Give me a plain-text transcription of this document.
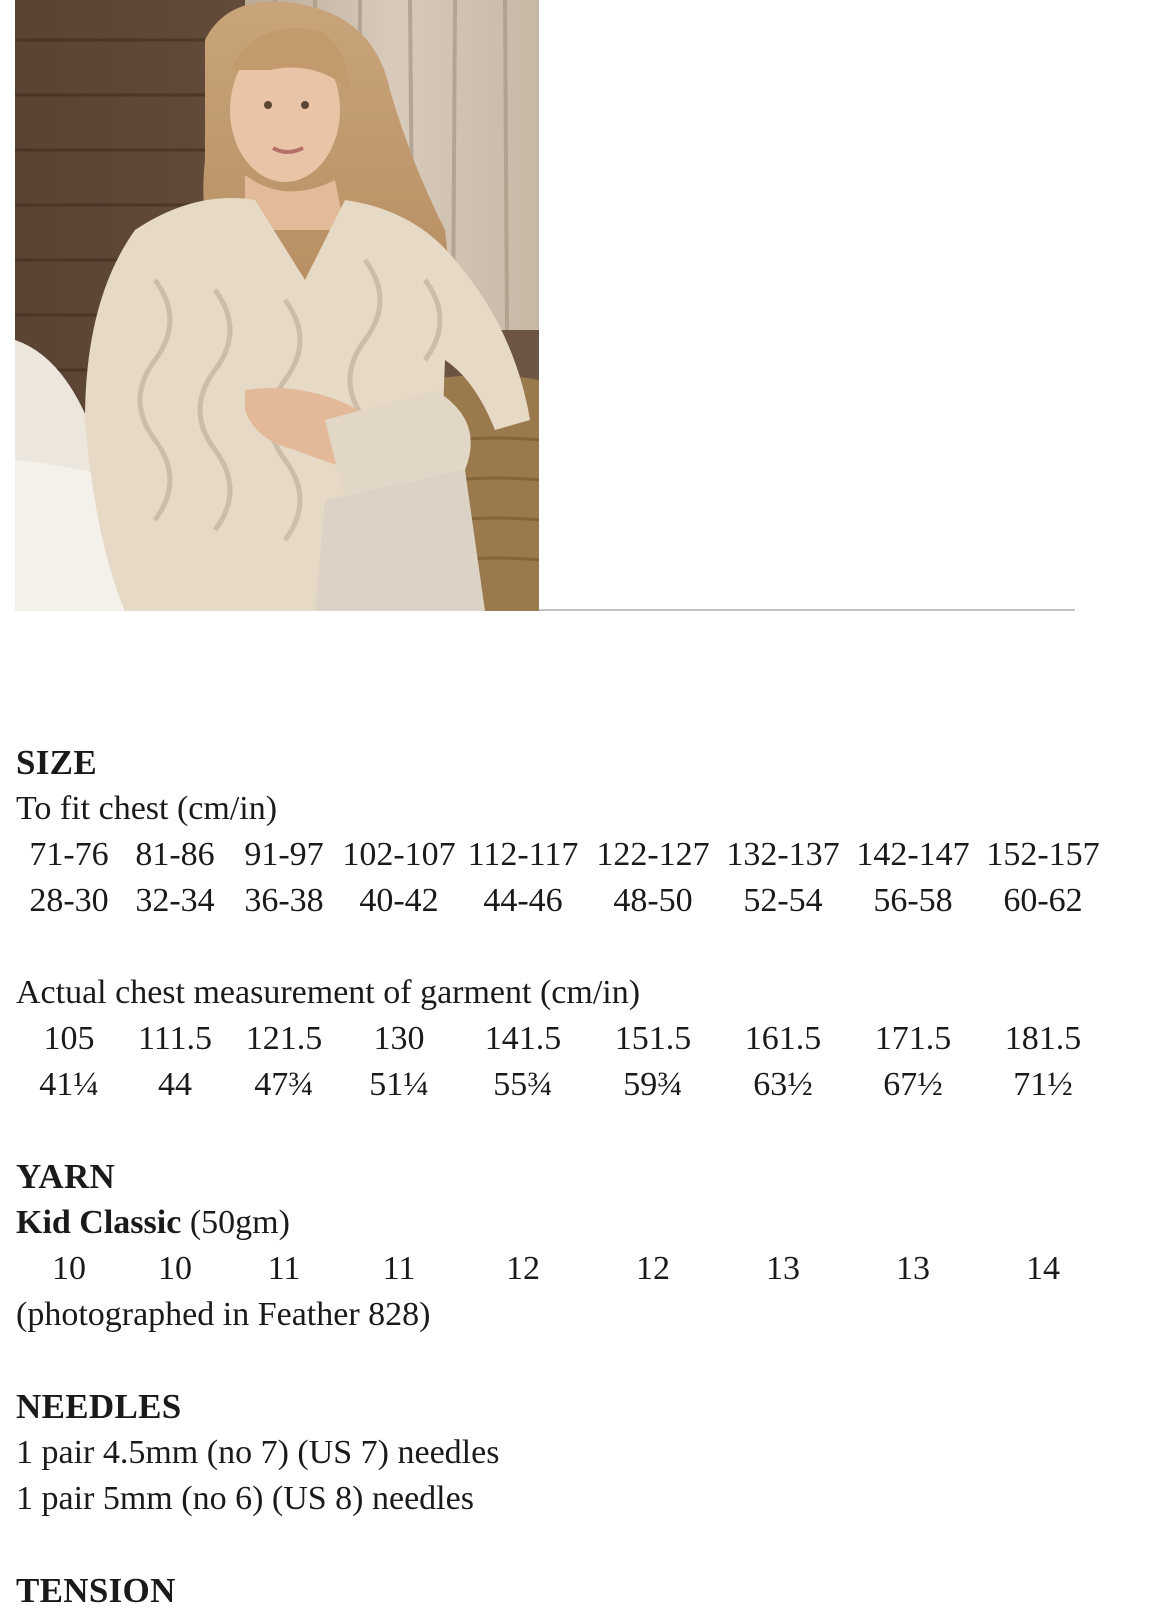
SIZE

To fit chest (cm/in)

71-76 81-86 91-97 102-107 112-117 122-127 132-137 142-147 152-157
28-30 32-34 36-38	40-42	44-46	48-50	52-54	56-58	60-62

Actual chest measurement of garment (cm/in)

105	111.5 121.5	130	141.5	151.5	161.5	171.5	181.5
41¼	44	47¾	51¼	55¾	59¾	63½	67½	71½

YARN

Kid Classic (50gm)

10	10	11	11	12	12	13	13	14

(photographed in Feather 828)

NEEDLES

1 pair 4.5mm (no 7) (US 7) needles

1 pair 5mm (no 6) (US 8) needles

TENSION
